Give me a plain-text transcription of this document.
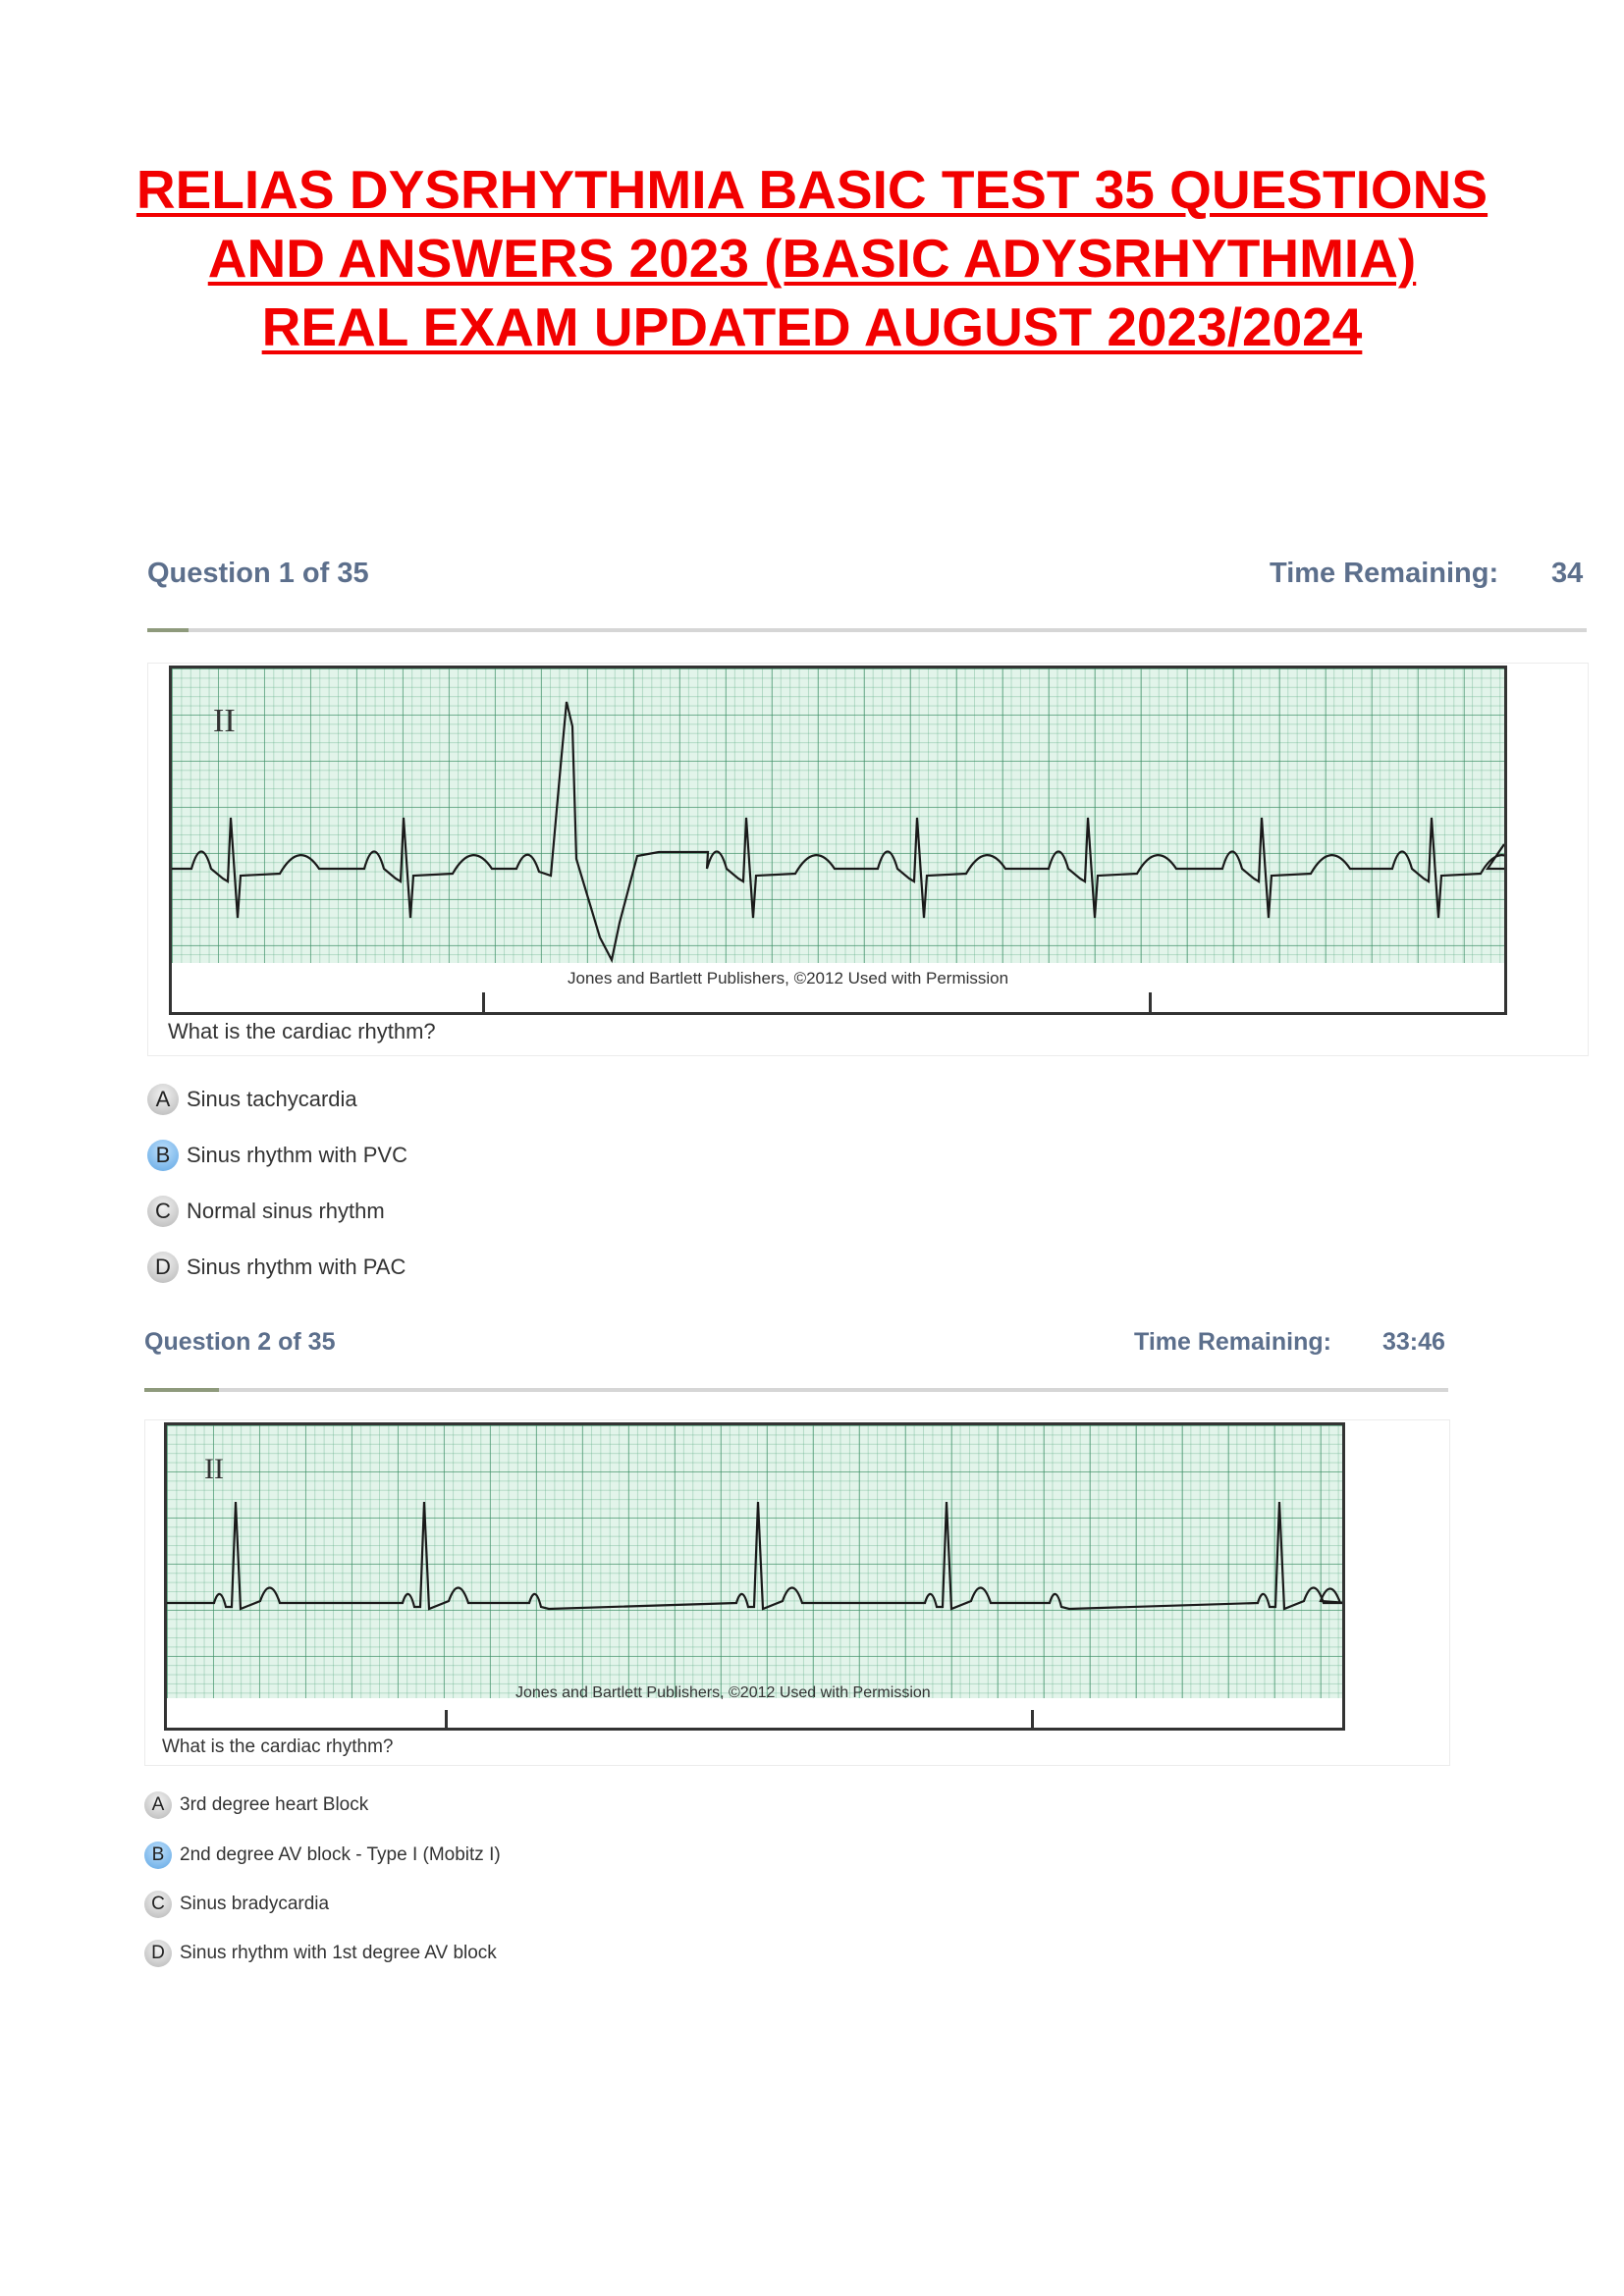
RELIAS DYSRHYTHMIA BASIC TEST 35 QUESTIONS
AND ANSWERS 2023 (BASIC ADYSRHYTHMIA)
REAL EXAM UPDATED AUGUST 2023/2024
Question 1 of 35	Time Remaining: 34
II
Jones and Bartlett Publishers, ©2012 Used with Permission
What is the cardiac rhythm?
A Sinus tachycardia
B Sinus rhythm with PVC
C Normal sinus rhythm
D Sinus rhythm with PAC
Question 2 of 35	Time Remaining: 33:46
II
Jones and Bartlett Publishers, ©2012 Used with Permission
What is the cardiac rhythm?
A 3rd degree heart Block
B 2nd degree AV block - Type I (Mobitz I)
C Sinus bradycardia
D Sinus rhythm with 1st degree AV block
